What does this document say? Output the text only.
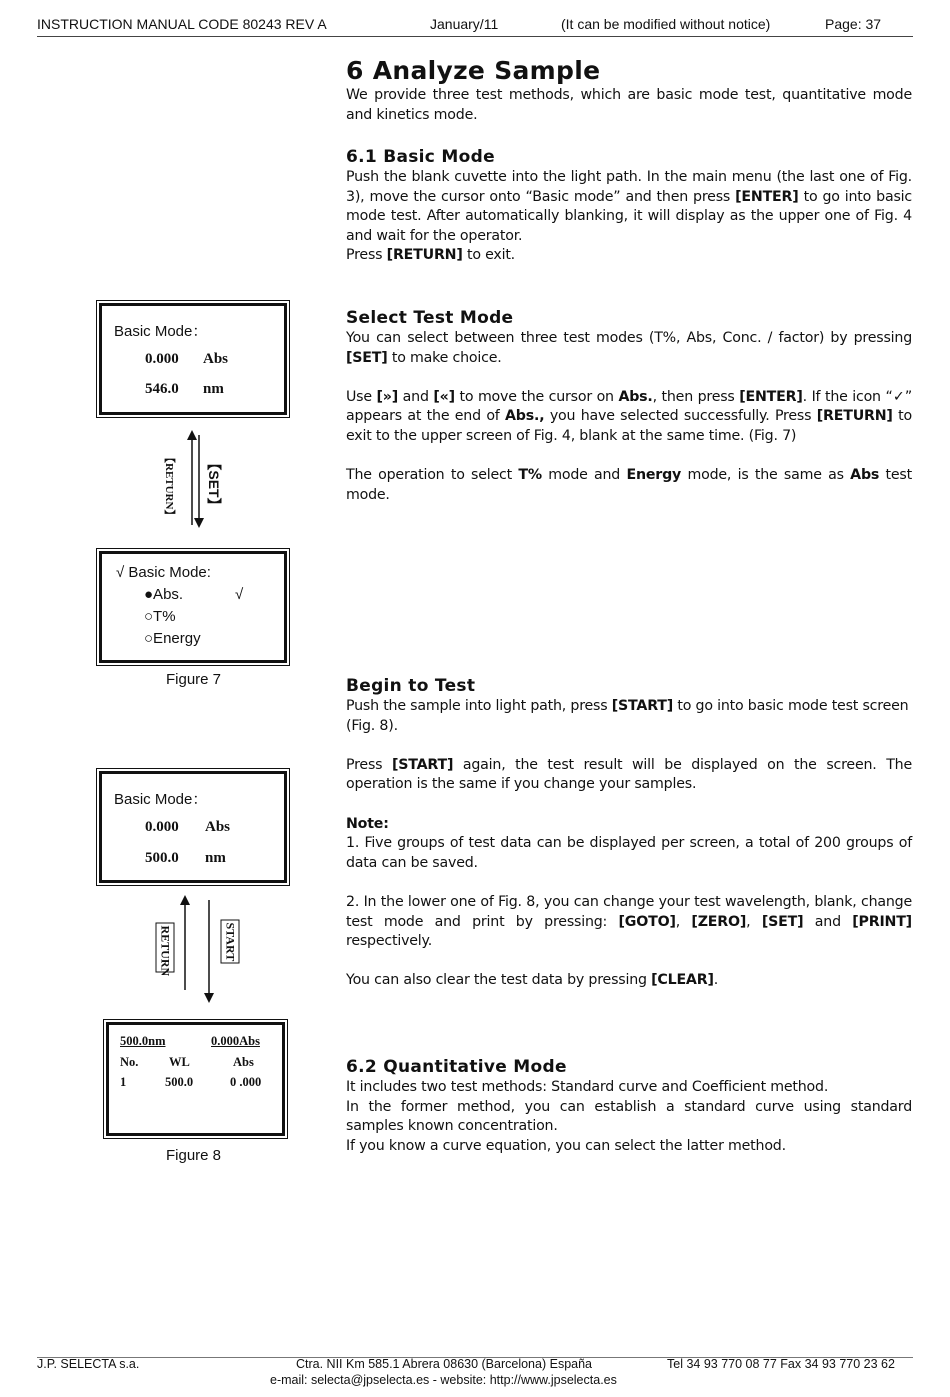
INSTRUCTION MANUAL CODE 80243 REV A	January/11	(It can be modified without notice)	Page: 37
6 Analyze Sample

We provide three test methods, which are basic mode test, quantitative mode and kinetics mode.

6.1 Basic Mode

Push the blank cuvette into the light path. In the main menu (the last one of Fig. 3), move the cursor onto “Basic mode” and then press [ENTER] to go into basic mode test. After automatically blanking, it will display as the upper one of Fig. 4 and wait for the operator.

Press [RETURN] to exit.

Select Test Mode

You can select between three test modes (T%, Abs, Conc. / factor) by pressing [SET] to make choice.

Use [»] and [«] to move the cursor on Abs., then press [ENTER]. If the icon “✓” appears at the end of Abs., you have selected successfully. Press [RETURN] to exit to the upper screen of Fig. 4, blank at the same time. (Fig. 7)

The operation to select T% mode and Energy mode, is the same as Abs test mode.

Begin to Test

Push the sample into light path, press [START] to go into basic mode test screen (Fig. 8).

Press [START] again, the test result will be displayed on the screen. The operation is the same if you change your samples.

Note:

1. Five groups of test data can be displayed per screen, a total of 200 groups of data can be saved.

2. In the lower one of Fig. 8, you can change your test wavelength, blank, change test mode and print by pressing: [GOTO], [ZERO], [SET] and [PRINT] respectively.

You can also clear the test data by pressing [CLEAR].

6.2 Quantitative Mode

It includes two test methods: Standard curve and Coefficient method.

In the former method, you can establish a standard curve using standard samples known concentration.

If you know a curve equation, you can select the latter method.

Basic Mode：
0.000 Abs
546.0 nm
【RETURN】 【SET】
√ Basic Mode:
●Abs.	√
○T%
○Energy
Figure 7
Basic Mode：
0.000 Abs
500.0 nm
RETURN	START
500.0nm	0.000Abs
No. WL	Abs
1	500.0	0 .000
Figure 8
J.P. SELECTA s.a.	Ctra. NII Km 585.1 Abrera 08630 (Barcelona) España	Tel 34 93 770 08 77 Fax 34 93 770 23 62
e-mail: selecta@jpselecta.es - website: http://www.jpselecta.es
